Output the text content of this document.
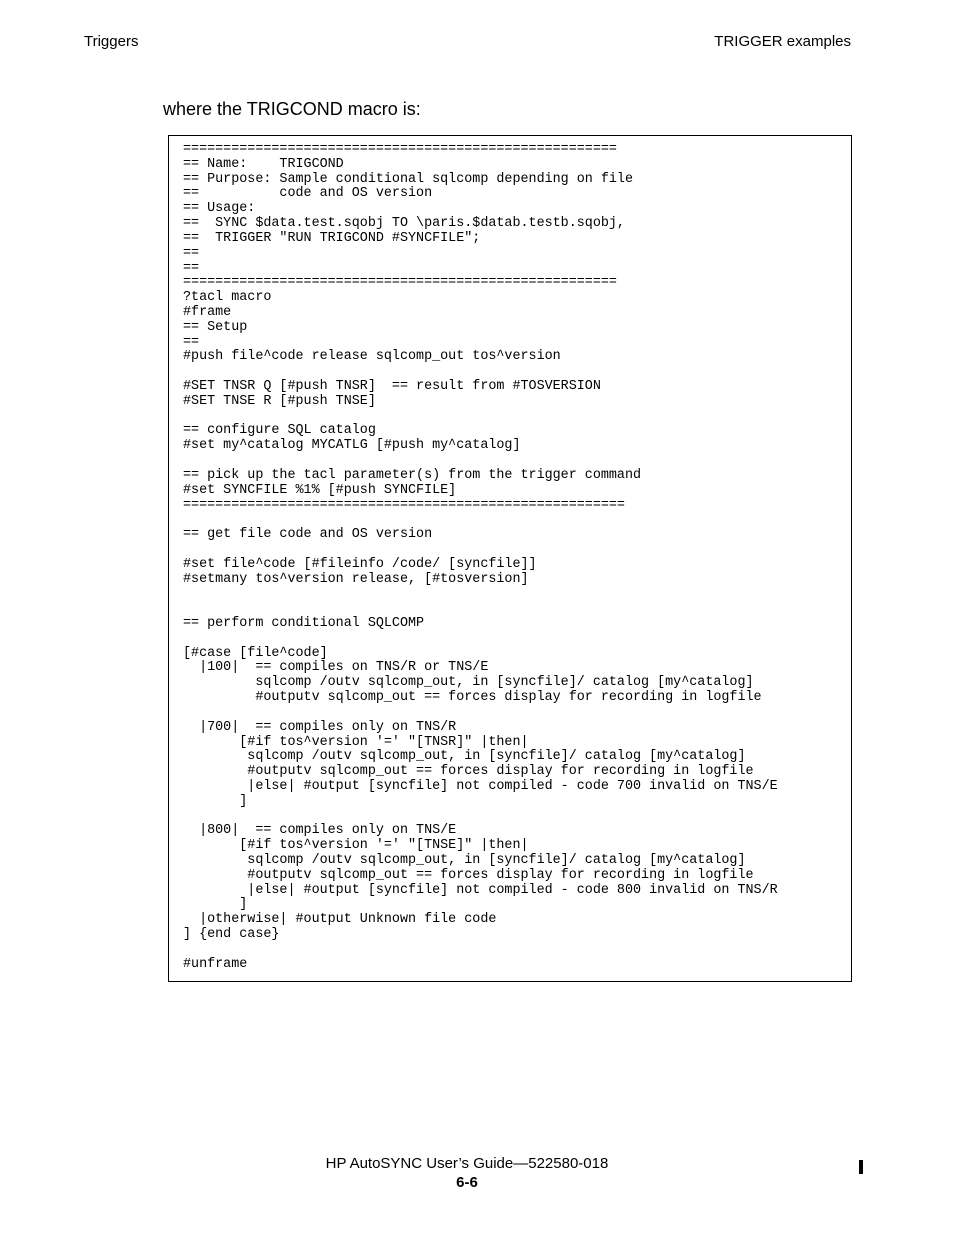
Triggers	TRIGGER examples
where the TRIGCOND macro is:
======================================================
== Name:    TRIGCOND
== Purpose: Sample conditional sqlcomp depending on file
==          code and OS version
== Usage:
==  SYNC $data.test.sqobj TO \paris.$datab.testb.sqobj,
==  TRIGGER "RUN TRIGCOND #SYNCFILE";
==
==
======================================================
?tacl macro
#frame
== Setup
==
#push file^code release sqlcomp_out tos^version

#SET TNSR Q [#push TNSR]  == result from #TOSVERSION
#SET TNSE R [#push TNSE]

== configure SQL catalog
#set my^catalog MYCATLG [#push my^catalog]

== pick up the tacl parameter(s) from the trigger command
#set SYNCFILE %1% [#push SYNCFILE]
=======================================================

== get file code and OS version

#set file^code [#fileinfo /code/ [syncfile]]
#setmany tos^version release, [#tosversion]

== perform conditional SQLCOMP

[#case [file^code]
|100|  == compiles on TNS/R or TNS/E
sqlcomp /outv sqlcomp_out, in [syncfile]/ catalog [my^catalog]
#outputv sqlcomp_out == forces display for recording in logfile

|700|  == compiles only on TNS/R
[#if tos^version '=' "[TNSR]" |then|
sqlcomp /outv sqlcomp_out, in [syncfile]/ catalog [my^catalog]
#outputv sqlcomp_out == forces display for recording in logfile
|else| #output [syncfile] not compiled - code 700 invalid on TNS/E
]

|800|  == compiles only on TNS/E
[#if tos^version '=' "[TNSE]" |then|
sqlcomp /outv sqlcomp_out, in [syncfile]/ catalog [my^catalog]
#outputv sqlcomp_out == forces display for recording in logfile
|else| #output [syncfile] not compiled - code 800 invalid on TNS/R
]
|otherwise| #output Unknown file code
] {end case}

#unframe

HP AutoSYNC User’s Guide—522580-018
6-6
